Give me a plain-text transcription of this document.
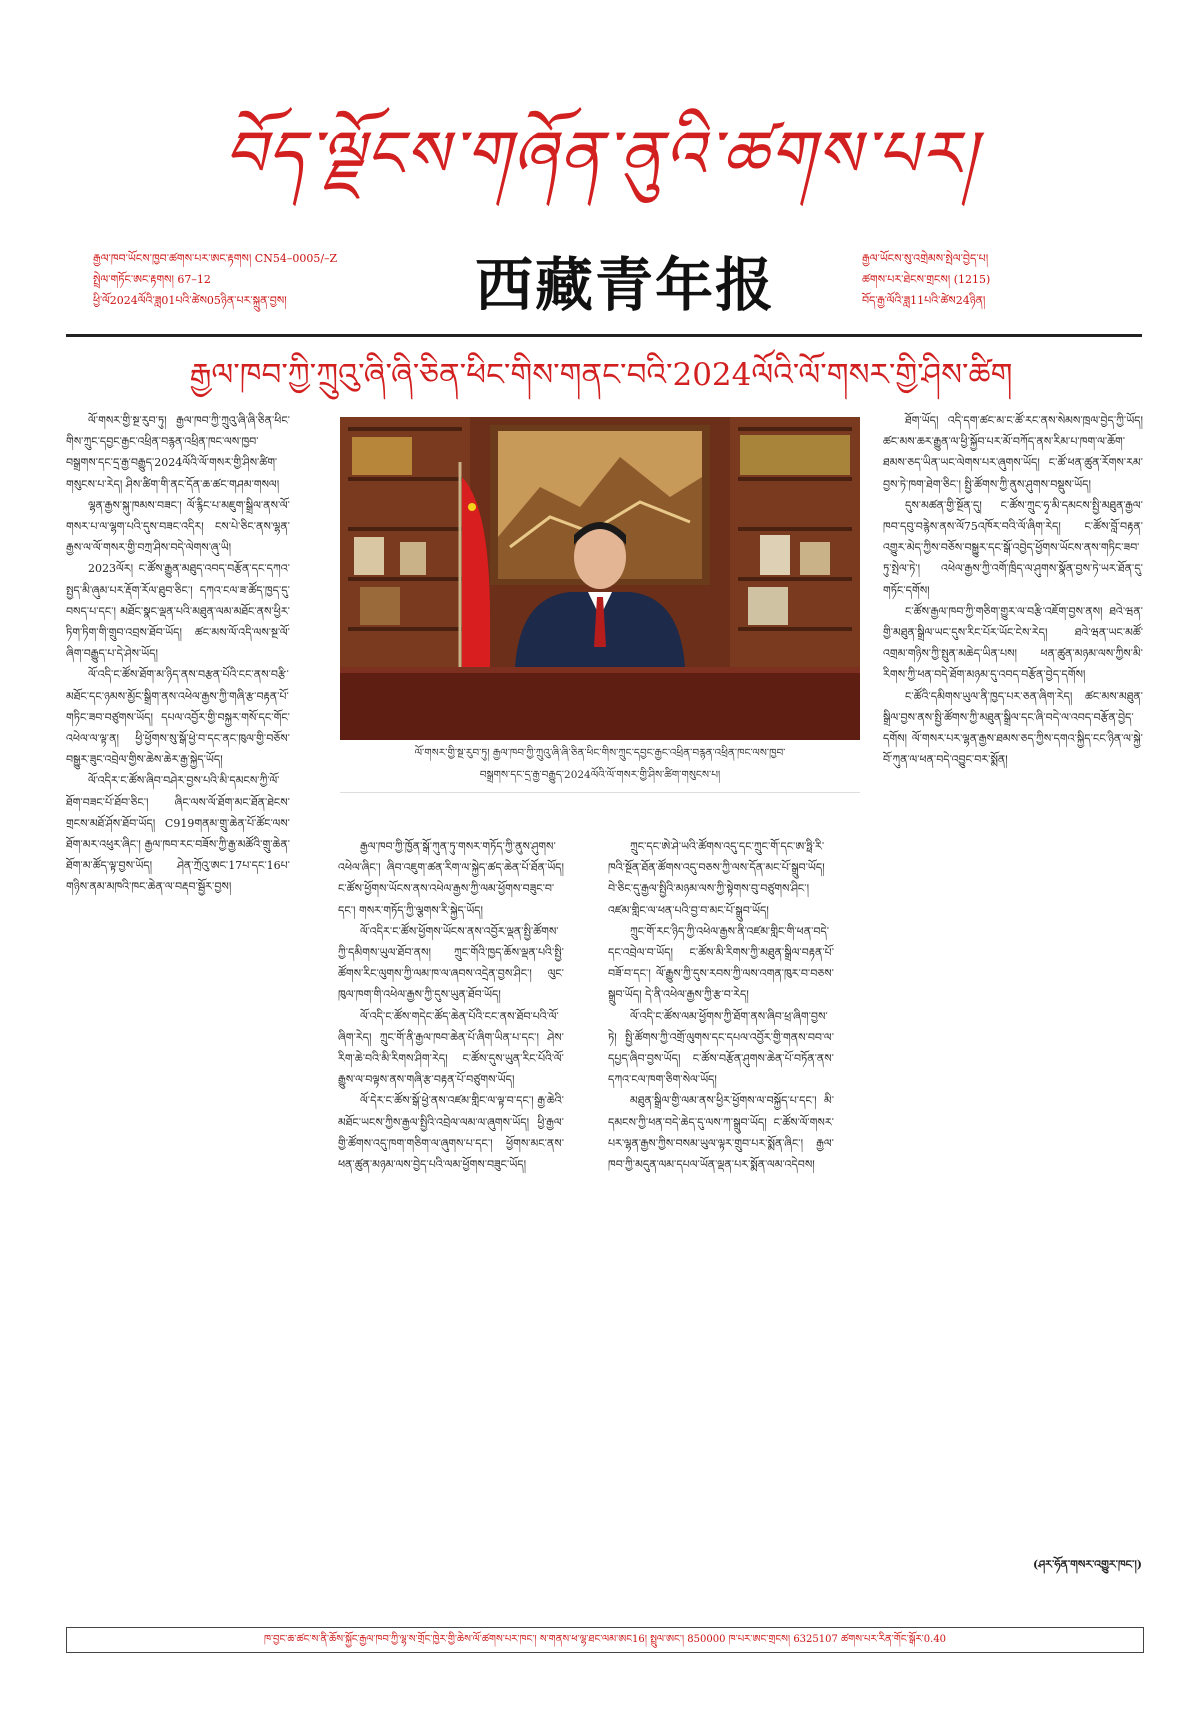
བོད་ལྗོངས་གཞོན་ནུའི་ཚགས་པར།
རྒྱལ་ཁབ་ཡོངས་ཁྱབ་ཚགས་པར་ཨང་རྟགས། CN54–0005/–Z
སྤྲེལ་གཏོང་ཨང་རྟགས། 67–12
ཕྱི་ལོ2024ལོའི་ཟླ01པའི་ཚེས05ཉིན་པར་སྐྲུན་བྱས།	西藏青年报	རྒྱལ་ཡོངས་སུ་འགྲེམས་སྤེལ་བྱེད་པ།
ཚགས་པར་ཐེངས་གྲངས། (1215)
བོད་རྒྱ་ལོའི་ཟླ11པའི་ཚེས24ཉིན།
རྒྱལ་ཁབ་ཀྱི་ཀྲུའུ་ཞི་ཞི་ཅིན་ཕིང་གིས་གནང་བའི་2024ལོའི་ལོ་གསར་གྱི་ཤིས་ཚིག

ལོ་གསར་གྱི་སྔ་རུབ་ཏུ། རྒྱལ་ཁབ་ཀྱི་ཀྲུའུ་ཞི་ཞི་ཅིན་ཕིང་གིས་ཀྲུང་དབྱང་རྒྱང་འཕྲིན་བརྙན་འཕྲིན་ཁང་ལས་ཁྱབ་བསྒྲགས་དང་དྲ་རྒྱ་བརྒྱུད་2024ལོའི་ལོ་གསར་གྱི་ཤིས་ཚིག་གསུངས་པ་རེད། ཤིས་ཚིག་གི་ནང་དོན་ཆ་ཚང་གཤམ་གསལ།

ལྷན་རྒྱས་སྐུ་ཁམས་བཟང་། ལོ་རྙིང་པ་མཇུག་སྒྲིལ་ནས་ལོ་གསར་པ་ལ་ལྷག་པའི་དུས་བཟང་འདིར། ངས་པེ་ཅིང་ནས་ལྷན་རྒྱས་ལ་ལོ་གསར་གྱི་བཀྲ་ཤིས་བདེ་ལེགས་ཞུ་ཡི།

2023ལོར། ང་ཚོས་རྒྱུན་མཐུད་འབད་བརྩོན་དང་དཀའ་སྤྱད་མི་ཞུམ་པར་རྡོག་རོལ་ཐུབ་ཅིང་། དཀའ་ངལ་ཟ་ཚོད་ཁྱད་དུ་བསད་པ་དང་། མཐོང་སྣང་ལྡན་པའི་མཐུན་ལམ་མཐོང་ནས་ཕྱིར་ཏིག་ཏིག་གི་གྲུབ་འབྲས་ཐོབ་ཡོད། ཚང་མས་ལོ་འདི་ལས་སྔ་ལོ་ཞིག་བརྒྱུད་པ་དེ་ཤེས་ཡོད།

ལོ་འདི་ང་ཚོས་ཐོག་མ་ཉིད་ནས་བརྩན་པོའི་ངང་ནས་བརྩི་མཐོང་དང་ཉམས་མྱོང་སྒྲིག་ནས་འཕེལ་རྒྱས་ཀྱི་གཞི་རྩ་བརྟན་པོ་གཏིང་ཟབ་བཙུགས་ཡོད། དཔལ་འབྱོར་གྱི་བསྐྱར་གསོ་དང་གོང་འཕེལ་ལ་ལྟ་ན། ཕྱི་ཕྱོགས་སུ་སྒོ་ཕྱེ་བ་དང་ནང་ཁུལ་གྱི་བཅོས་བསྒྱུར་ཟུང་འབྲེལ་གྱིས་ཆེས་ཆེར་རྒྱ་སྐྱེད་ཡོད།

ལོ་འདིར་ང་ཚོས་ཞིབ་བཤེར་བྱས་པའི་མི་དམངས་ཀྱི་ལོ་ཐོག་བཟང་པོ་ཐོབ་ཅིང་། ཞིང་ལས་ལོ་ཐོག་མང་ཐོན་ཐེངས་གྲངས་མཐོ་ཤོས་ཐོབ་ཡོད། C919གནམ་གྲུ་ཆེན་པོ་ཚོང་ལས་ཐོག་མར་འཕུར་ཞིང་། རྒྱལ་ཁབ་རང་བཟོས་ཀྱི་རྒྱ་མཚོའི་གྲུ་ཆེན་ཐོག་མ་ཚོད་ལྟ་བྱས་ཡོད། ཤེན་ཀྲོའུ་ཨང་17པ་དང་16པ་གཉིས་ནམ་མཁའི་ཁང་ཆེན་ལ་བརྡབ་སྦྱོར་བྱས།

ལོ་གསར་གྱི་སྔ་རུབ་ཏུ། རྒྱལ་ཁབ་ཀྱི་ཀྲུའུ་ཞི་ཞི་ཅིན་ཕིང་གིས་ཀྲུང་དབྱང་རྒྱང་འཕྲིན་བརྙན་འཕྲིན་ཁང་ལས་ཁྱབ་
བསྒྲགས་དང་དྲ་རྒྱ་བརྒྱུད་2024ལོའི་ལོ་གསར་གྱི་ཤིས་ཚིག་གསུངས་པ།

རྒྱལ་ཁབ་ཀྱི་ཁྱོན་སྒོ་ཀུན་ཏུ་གསར་གཏོད་ཀྱི་ནུས་ཤུགས་འཕེལ་ཞིང་། ཞིབ་འཇུག་ཚན་རིག་ལ་སྐྱེད་ཚད་ཆེན་པོ་ཐོན་ཡོད། ང་ཚོས་ཕྱོགས་ཡོངས་ནས་འཕེལ་རྒྱས་ཀྱི་ལམ་ཕྱོགས་བཟུང་བ་དང་། གསར་གཏོད་ཀྱི་ལྕགས་རི་སྐྱེད་ཡོད།

ལོ་འདིར་ང་ཚོས་ཕྱོགས་ཡོངས་ནས་འབྱོར་ལྡན་སྤྱི་ཚོགས་ཀྱི་དམིགས་ཡུལ་ཐོབ་ནས། ཀྲུང་གོའི་ཁྱད་ཆོས་ལྡན་པའི་སྤྱི་ཚོགས་རིང་ལུགས་ཀྱི་ལམ་ཁ་ལ་ཞབས་འདྲེན་བྱས་ཤིང་། ལུང་ཁུལ་ཁག་གི་འཕེལ་རྒྱས་ཀྱི་དུས་ཡུན་ཐོབ་ཡོད།

ལོ་འདི་ང་ཚོས་གདེང་ཚོད་ཆེན་པོའི་ངང་ནས་ཐོབ་པའི་ལོ་ཞིག་རེད། ཀྲུང་གོ་ནི་རྒྱལ་ཁབ་ཆེན་པོ་ཞིག་ཡིན་པ་དང་། ཤེས་རིག་ཆེ་བའི་མི་རིགས་ཤིག་རེད། ང་ཚོས་དུས་ཡུན་རིང་པོའི་ལོ་རྒྱུས་ལ་བལྟས་ནས་གཞི་རྩ་བརྟན་པོ་བཙུགས་ཡོད།

ལོ་དེར་ང་ཚོས་སྒོ་ཕྱེ་ནས་འཛམ་གླིང་ལ་ལྟ་བ་དང་། རྒྱ་ཆེའི་མཐོང་ཡངས་ཀྱིས་རྒྱལ་སྤྱིའི་འབྲེལ་ལམ་ལ་ཞུགས་ཡོད། ཕྱི་རྒྱལ་གྱི་ཚོགས་འདུ་ཁག་གཅིག་ལ་ཞུགས་པ་དང་། ཕྱོགས་མང་ནས་ཕན་ཚུན་མཉམ་ལས་བྱེད་པའི་ལམ་ཕྱོགས་བཟུང་ཡོད།

ཀྲུང་དང་ཨེ་ཤེ་ཡའི་ཚོགས་འདུ་དང་ཀྲུང་གོ་དང་ཨ་ཧྥི་རི་ཁའི་སྔོན་ཐོན་ཚོགས་འདུ་བཅས་ཀྱི་ལས་དོན་མང་པོ་སྒྲུབ་ཡོད། བེ་ཅིང་དུ་རྒྱལ་སྤྱིའི་མཉམ་ལས་ཀྱི་སྟེགས་བུ་བཙུགས་ཤིང་། འཛམ་གླིང་ལ་ཕན་པའི་བྱ་བ་མང་པོ་སྒྲུབ་ཡོད།

ཀྲུང་གོ་རང་ཉིད་ཀྱི་འཕེལ་རྒྱས་ནི་འཛམ་གླིང་གི་ཕན་བདེ་དང་འབྲེལ་བ་ཡོད། ང་ཚོས་མི་རིགས་ཀྱི་མཐུན་སྒྲིལ་བརྟན་པོ་བཟོ་བ་དང་། ལོ་རྒྱུས་ཀྱི་དུས་རབས་ཀྱི་ལས་འགན་ཁུར་བ་བཅས་སྒྲུབ་ཡོད། དེ་ནི་འཕེལ་རྒྱས་ཀྱི་རྩ་བ་རེད།

ལོ་འདི་ང་ཚོས་ལམ་ཕྱོགས་ཀྱི་ཐོག་ནས་ཞིབ་ཕྲ་ཞིག་བྱས་ཏེ། སྤྱི་ཚོགས་ཀྱི་འགྲོ་ལུགས་དང་དཔལ་འབྱོར་གྱི་གནས་བབ་ལ་དཔྱད་ཞིབ་བྱས་ཡོད། ང་ཚོས་བརྩོན་ཤུགས་ཆེན་པོ་བཏོན་ནས་དཀའ་ངལ་ཁག་ཅིག་སེལ་ཡོད།

མཐུན་སྒྲིལ་གྱི་ལམ་ནས་ཕྱིར་ཕྱོགས་ལ་བསྐྱོད་པ་དང་། མི་དམངས་ཀྱི་ཕན་བདེ་ཆེད་དུ་ལས་ཀ་སྒྲུབ་ཡོད། ང་ཚོས་ལོ་གསར་པར་ལྷན་རྒྱས་ཀྱིས་བསམ་ཡུལ་ལྟར་གྲུབ་པར་སྨོན་ཞིང་། རྒྱལ་ཁབ་ཀྱི་མདུན་ལམ་དཔལ་ཡོན་ལྡན་པར་སྨོན་ལམ་འདེབས།

ཐོག་ཡོད། འདི་དག་ཚང་མ་ང་ཚོ་རང་ནས་སེམས་ཁྲལ་བྱེད་ཀྱི་ཡོད། ཚང་མས་ཆར་རྒྱུན་ལ་ཕྱི་སྐྱོབ་པར་མོ་བཀོད་ནས་རིམ་པ་ཁག་ལ་ཆོག་ཐམས་ཅད་ཡིན་ཡང་ལེགས་པར་ཞུགས་ཡོད། ང་ཚོ་ཕན་ཚུན་རོགས་རམ་བྱས་ཏེ་ཁག་ཐེག་ཅིང་། སྤྱི་ཚོགས་ཀྱི་ནུས་ཤུགས་བསྡུས་ཡོད།

དུས་མཚན་གྱི་སྔོན་དུ། ང་ཚོས་ཀྲུང་ཧྭ་མི་དམངས་སྤྱི་མཐུན་རྒྱལ་ཁབ་དབུ་བརྙེས་ནས་ལོ75འཁོར་བའི་ལོ་ཞིག་རེད། ང་ཚོས་བློ་བརྟན་འགྱུར་མེད་ཀྱིས་བཅོས་བསྒྱུར་དང་སྒོ་འབྱེད་ཕྱོགས་ཡོངས་ནས་གཏིང་ཟབ་ཏུ་སྤེལ་ཏེ་། འཕེལ་རྒྱས་ཀྱི་འགོ་ཁྲིད་ལ་ཤུགས་སྣོན་བྱས་ཏེ་ཡར་ཐོན་དུ་གཏོང་དགོས།

ང་ཚོས་རྒྱལ་ཁབ་ཀྱི་གཅིག་གྱུར་ལ་བརྩི་འཇོག་བྱས་ནས། ཐའེ་ཝན་གྱི་མཐུན་སྒྲིལ་ཡང་དུས་རིང་པོར་ཡོང་ངེས་རེད། ཐའེ་ཝན་ཡང་མཚོ་འགྲམ་གཉིས་ཀྱི་སྤུན་མཆེད་ཡིན་པས། ཕན་ཚུན་མཉམ་ལས་ཀྱིས་མི་རིགས་ཀྱི་ཕན་བདེ་ཐོག་མཉམ་དུ་འབད་བརྩོན་བྱེད་དགོས།

ང་ཚོའི་དམིགས་ཡུལ་ནི་ཁྱད་པར་ཅན་ཞིག་རེད། ཚང་མས་མཐུན་སྒྲིལ་བྱས་ནས་སྤྱི་ཚོགས་ཀྱི་མཐུན་སྒྲིལ་དང་ཞི་བདེ་ལ་འབད་བརྩོན་བྱེད་དགོས། ལོ་གསར་པར་ལྷན་རྒྱས་ཐམས་ཅད་ཀྱིས་དགའ་སྐྱིད་ངང་ཉིན་ལ་སྐྱེ་བོ་ཀུན་ལ་ཕན་བདེ་འབྱུང་བར་སྨོན།

(ཤར་ཧོན་གསར་འགྱུར་ཁང་།)
ཁ་བྱང་ཆ་ཚང་ས་ནི་ཆོས་སྐྱོང་རྒྱལ་ཁབ་ཀྱི་ལྷ་ས་གྲོང་ཁྱེར་གྱི་ཆེས་ལོ་ཚགས་པར་ཁང་། ས་གནས་ཕ་ལྷ་ཐང་ལམ་ཨང16། སྤྲུལ་ཨང་། 850000 ཁ་པར་ཨང་གྲངས། 6325107 ཚགས་པར་རིན་གོང་སྒོར་0.40
